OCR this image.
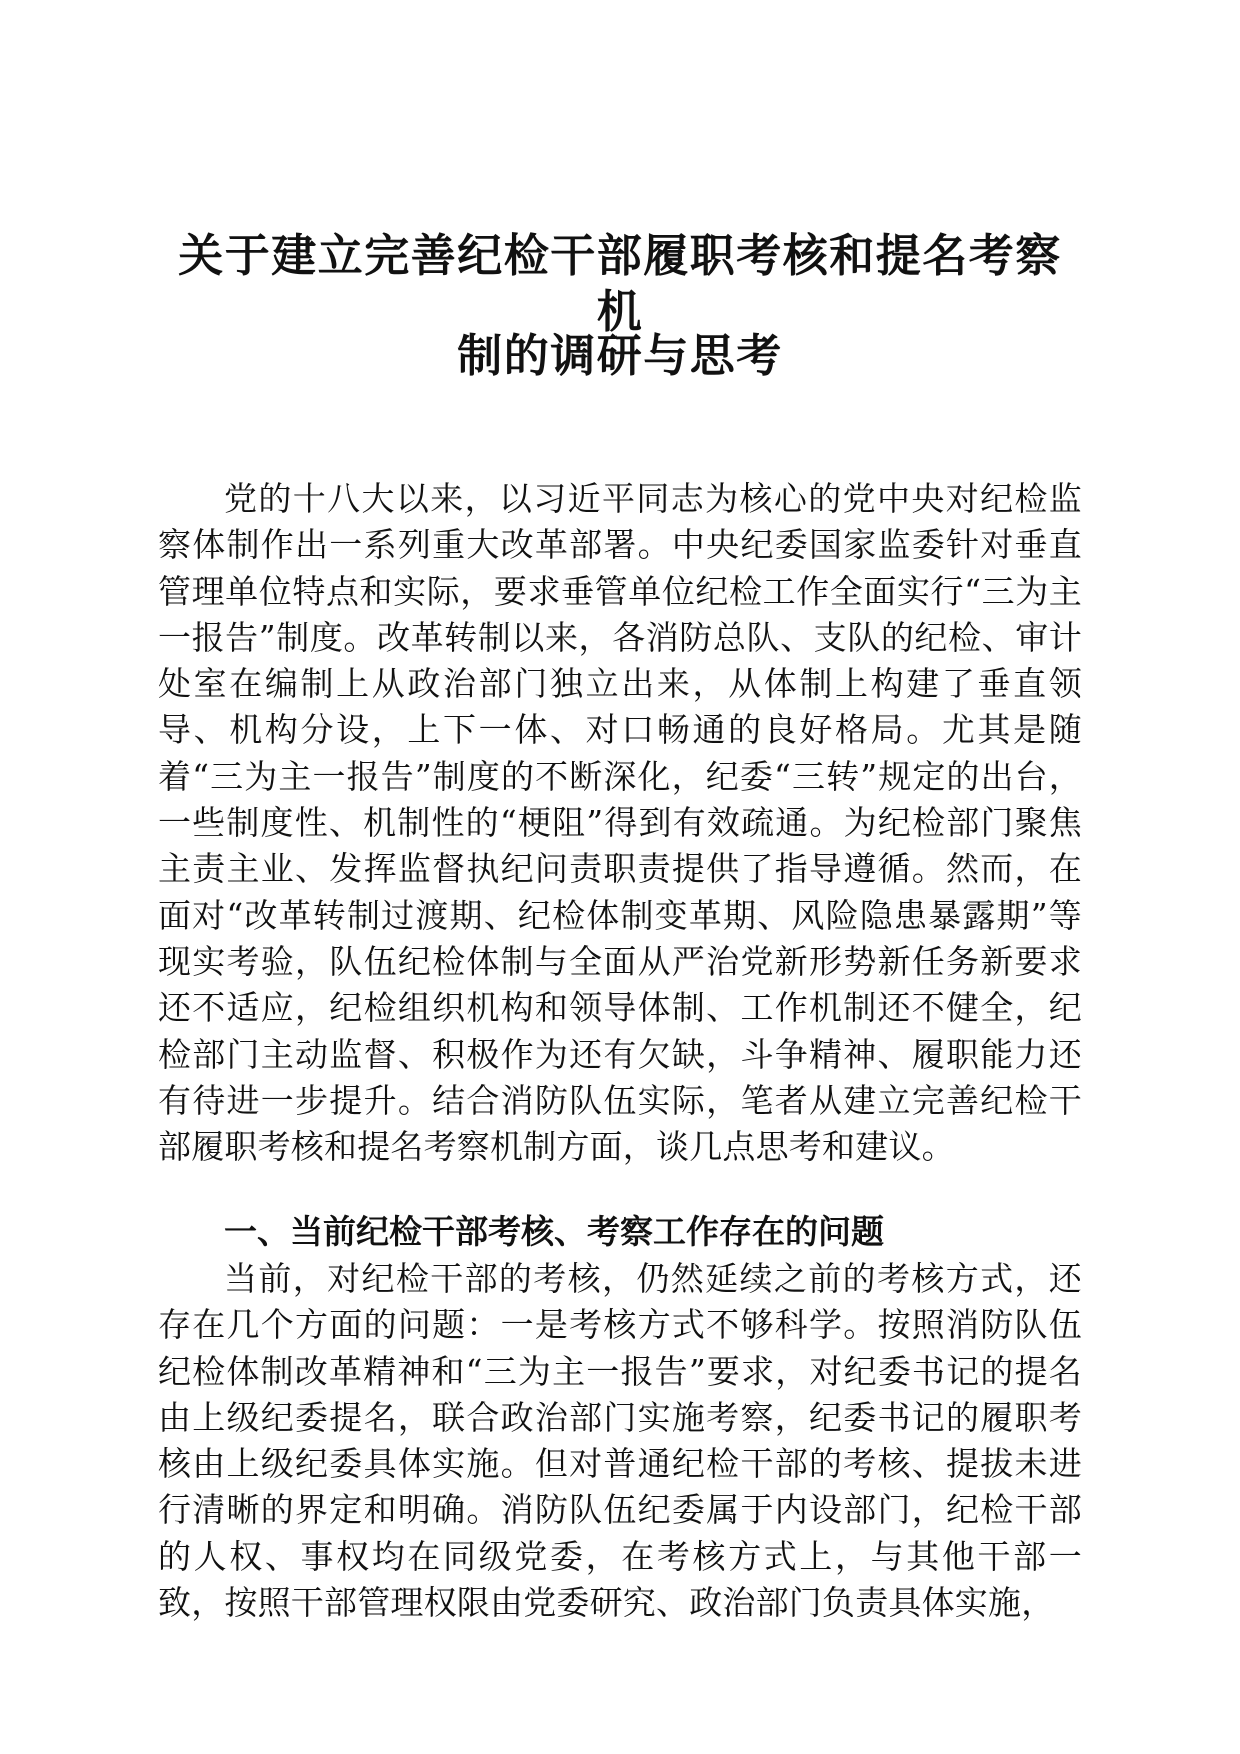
关于建立完善纪检干部履职考核和提名考察机
制的调研与思考

党的十八大以来，以习近平同志为核心的党中央对纪检监察体制作出一系列重大改革部署。中央纪委国家监委针对垂直管理单位特点和实际，要求垂管单位纪检工作全面实行“三为主一报告”制度。改革转制以来，各消防总队、支队的纪检、审计处室在编制上从政治部门独立出来，从体制上构建了垂直领导、机构分设，上下一体、对口畅通的良好格局。尤其是随着“三为主一报告”制度的不断深化，纪委“三转”规定的出台，一些制度性、机制性的“梗阻”得到有效疏通。为纪检部门聚焦主责主业、发挥监督执纪问责职责提供了指导遵循。然而，在面对“改革转制过渡期、纪检体制变革期、风险隐患暴露期”等现实考验，队伍纪检体制与全面从严治党新形势新任务新要求还不适应，纪检组织机构和领导体制、工作机制还不健全，纪检部门主动监督、积极作为还有欠缺，斗争精神、履职能力还有待进一步提升。结合消防队伍实际，笔者从建立完善纪检干部履职考核和提名考察机制方面，谈几点思考和建议。

一、当前纪检干部考核、考察工作存在的问题

当前，对纪检干部的考核，仍然延续之前的考核方式，还存在几个方面的问题：一是考核方式不够科学。按照消防队伍纪检体制改革精神和“三为主一报告”要求，对纪委书记的提名由上级纪委提名，联合政治部门实施考察，纪委书记的履职考核由上级纪委具体实施。但对普通纪检干部的考核、提拔未进行清晰的界定和明确。消防队伍纪委属于内设部门，纪检干部的人权、事权均在同级党委，在考核方式上，与其他干部一致，按照干部管理权限由党委研究、政治部门负责具体实施，
